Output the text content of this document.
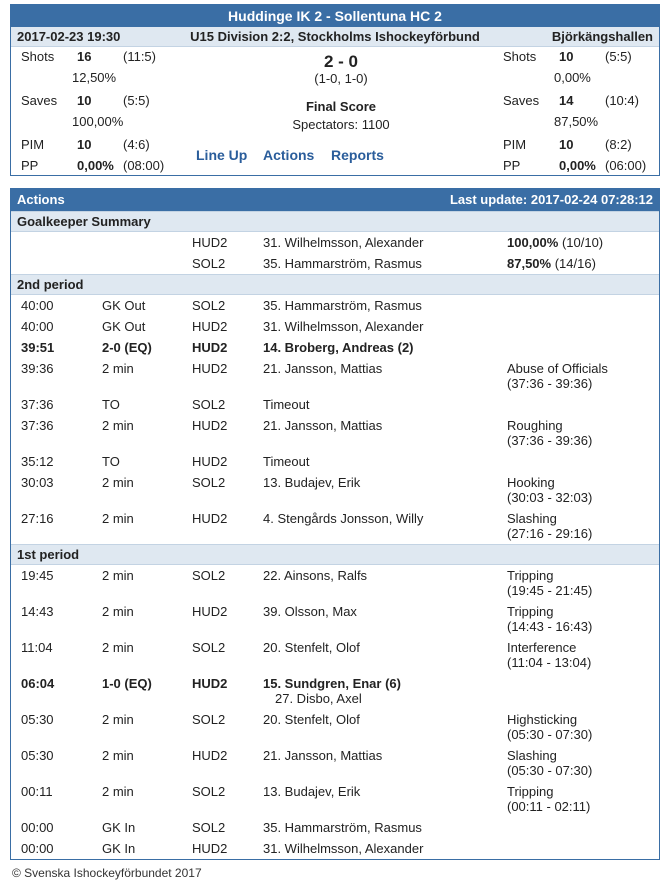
Huddinge IK 2 - Sollentuna HC 2
2017-02-23 19:30	U15 Division 2:2, Stockholms Ishockeyförbund	Björkängshallen
Shots 16 (11:5)
12,50%
Saves 10 (5:5)
100,00%
PIM	10 (4:6)
PP	0,00% (08:00)
2 - 0
(1-0, 1-0)
Final Score
Spectators: 1100
Line Up Actions Reports
Shots 10 (5:5)
0,00%
Saves 14 (10:4)
87,50%
PIM	10 (8:2)
PP	0,00% (06:00)
Actions	Last update: 2017-02-24 07:28:12
Goalkeeper Summary
HUD2	31. Wilhelmsson, Alexander	100,00% (10/10)
SOL2	35. Hammarström, Rasmus	87,50% (14/16)
2nd period
40:00	GK Out	SOL2	35. Hammarström, Rasmus
40:00	GK Out	HUD2	31. Wilhelmsson, Alexander
39:51	2-0 (EQ)	HUD2	14. Broberg, Andreas (2)
39:36	2 min	HUD2	21. Jansson, Mattias	Abuse of Officials
(37:36 - 39:36)
37:36	TO	SOL2	Timeout
37:36	2 min	HUD2	21. Jansson, Mattias	Roughing
(37:36 - 39:36)
35:12	TO	HUD2	Timeout
30:03	2 min	SOL2	13. Budajev, Erik	Hooking
(30:03 - 32:03)
27:16	2 min	HUD2	4. Stengårds Jonsson, Willy	Slashing
(27:16 - 29:16)
1st period
19:45	2 min	SOL2	22. Ainsons, Ralfs	Tripping
(19:45 - 21:45)
14:43	2 min	HUD2	39. Olsson, Max	Tripping
(14:43 - 16:43)
11:04	2 min	SOL2	20. Stenfelt, Olof	Interference
(11:04 - 13:04)
06:04	1-0 (EQ)	HUD2	15. Sundgren, Enar (6)
27. Disbo, Axel
05:30	2 min	SOL2	20. Stenfelt, Olof	Highsticking
(05:30 - 07:30)
05:30	2 min	HUD2	21. Jansson, Mattias	Slashing
(05:30 - 07:30)
00:11	2 min	SOL2	13. Budajev, Erik	Tripping
(00:11 - 02:11)
00:00	GK In	SOL2	35. Hammarström, Rasmus
00:00	GK In	HUD2	31. Wilhelmsson, Alexander
© Svenska Ishockeyförbundet 2017
